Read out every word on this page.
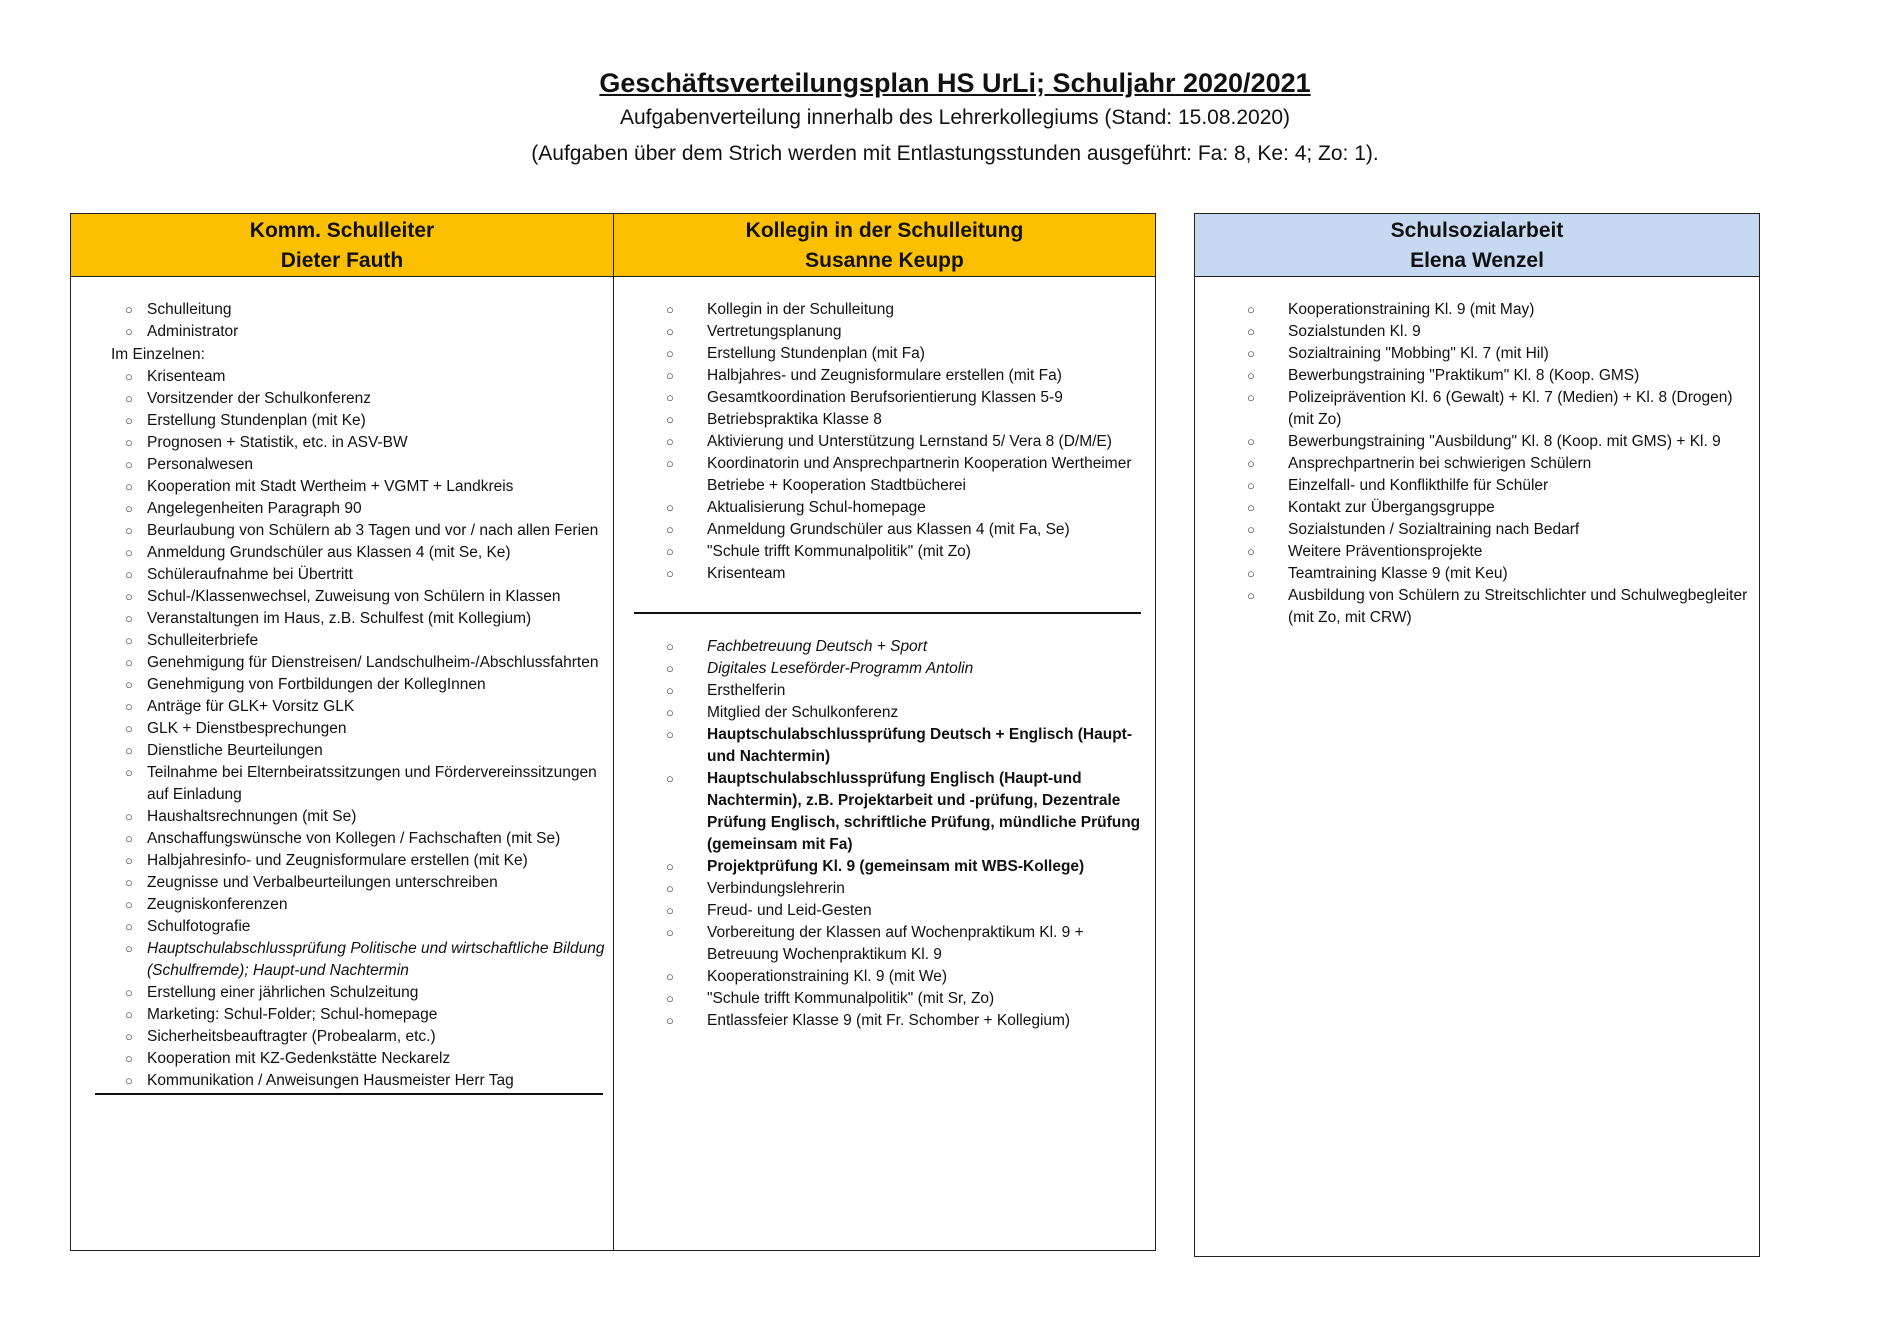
Geschäftsverteilungsplan HS UrLi; Schuljahr 2020/2021
Aufgabenverteilung innerhalb des Lehrerkollegiums (Stand: 15.08.2020)
(Aufgaben über dem Strich werden mit Entlastungsstunden ausgeführt: Fa: 8, Ke: 4; Zo: 1).
Komm. Schulleiter
Dieter Fauth
○ Schulleitung
○ Administrator
Im Einzelnen:
○ Krisenteam
○ Vorsitzender der Schulkonferenz
○ Erstellung Stundenplan (mit Ke)
○ Prognosen + Statistik, etc. in ASV-BW
○ Personalwesen
○ Kooperation mit Stadt Wertheim + VGMT + Landkreis
○ Angelegenheiten Paragraph 90
○ Beurlaubung von Schülern ab 3 Tagen und vor / nach allen Ferien
○ Anmeldung Grundschüler aus Klassen 4 (mit Se, Ke)
○ Schüleraufnahme bei Übertritt
○ Schul-/Klassenwechsel, Zuweisung von Schülern in Klassen
○ Veranstaltungen im Haus, z.B. Schulfest (mit Kollegium)
○ Schulleiterbriefe
○ Genehmigung für Dienstreisen/ Landschulheim-/Abschlussfahrten
○ Genehmigung von Fortbildungen der KollegInnen
○ Anträge für GLK+ Vorsitz GLK
○ GLK + Dienstbesprechungen
○ Dienstliche Beurteilungen
○ Teilnahme bei Elternbeiratssitzungen und Fördervereinssitzungen auf Einladung
○ Haushaltsrechnungen (mit Se)
○ Anschaffungswünsche von Kollegen / Fachschaften (mit Se)
○ Halbjahresinfo- und Zeugnisformulare erstellen (mit Ke)
○ Zeugnisse und Verbalbeurteilungen unterschreiben
○ Zeugniskonferenzen
○ Schulfotografie
○ Hauptschulabschlussprüfung Politische und wirtschaftliche Bildung (Schulfremde); Haupt-und Nachtermin
○ Erstellung einer jährlichen Schulzeitung
○ Marketing: Schul-Folder; Schul-homepage
○ Sicherheitsbeauftragter (Probealarm, etc.)
○ Kooperation mit KZ-Gedenkstätte Neckarelz
○ Kommunikation / Anweisungen Hausmeister Herr Tag
Kollegin in der Schulleitung
Susanne Keupp
○ Kollegin in der Schulleitung
○ Vertretungsplanung
○ Erstellung Stundenplan (mit Fa)
○ Halbjahres- und Zeugnisformulare erstellen (mit Fa)
○ Gesamtkoordination Berufsorientierung Klassen 5-9
○ Betriebspraktika Klasse 8
○ Aktivierung und Unterstützung Lernstand 5/ Vera 8 (D/M/E)
○ Koordinatorin und Ansprechpartnerin Kooperation Wertheimer Betriebe + Kooperation Stadtbücherei
○ Aktualisierung Schul-homepage
○ Anmeldung Grundschüler aus Klassen 4 (mit Fa, Se)
○ "Schule trifft Kommunalpolitik" (mit Zo)
○ Krisenteam
○ Fachbetreuung Deutsch + Sport
○ Digitales Leseförder-Programm Antolin
○ Ersthelferin
○ Mitglied der Schulkonferenz
○ Hauptschulabschlussprüfung Deutsch + Englisch (Haupt-und Nachtermin)
○ Hauptschulabschlussprüfung Englisch (Haupt-und Nachtermin), z.B. Projektarbeit und -prüfung, Dezentrale Prüfung Englisch, schriftliche Prüfung, mündliche Prüfung (gemeinsam mit Fa)
○ Projektprüfung Kl. 9 (gemeinsam mit WBS-Kollege)
○ Verbindungslehrerin
○ Freud- und Leid-Gesten
○ Vorbereitung der Klassen auf Wochenpraktikum Kl. 9 + Betreuung Wochenpraktikum Kl. 9
○ Kooperationstraining Kl. 9 (mit We)
○ "Schule trifft Kommunalpolitik" (mit Sr, Zo)
○ Entlassfeier Klasse 9 (mit Fr. Schomber + Kollegium)
Schulsozialarbeit
Elena Wenzel
○ Kooperationstraining Kl. 9 (mit May)
○ Sozialstunden Kl. 9
○ Sozialtraining "Mobbing" Kl. 7 (mit Hil)
○ Bewerbungstraining "Praktikum" Kl. 8 (Koop. GMS)
○ Polizeiprävention Kl. 6 (Gewalt) + Kl. 7 (Medien) + Kl. 8 (Drogen) (mit Zo)
○ Bewerbungstraining "Ausbildung" Kl. 8 (Koop. mit GMS) + Kl. 9
○ Ansprechpartnerin bei schwierigen Schülern
○ Einzelfall- und Konflikthilfe für Schüler
○ Kontakt zur Übergangsgruppe
○ Sozialstunden / Sozialtraining nach Bedarf
○ Weitere Präventionsprojekte
○ Teamtraining Klasse 9 (mit Keu)
○ Ausbildung von Schülern zu Streitschlichter und Schulwegbegleiter (mit Zo, mit CRW)
